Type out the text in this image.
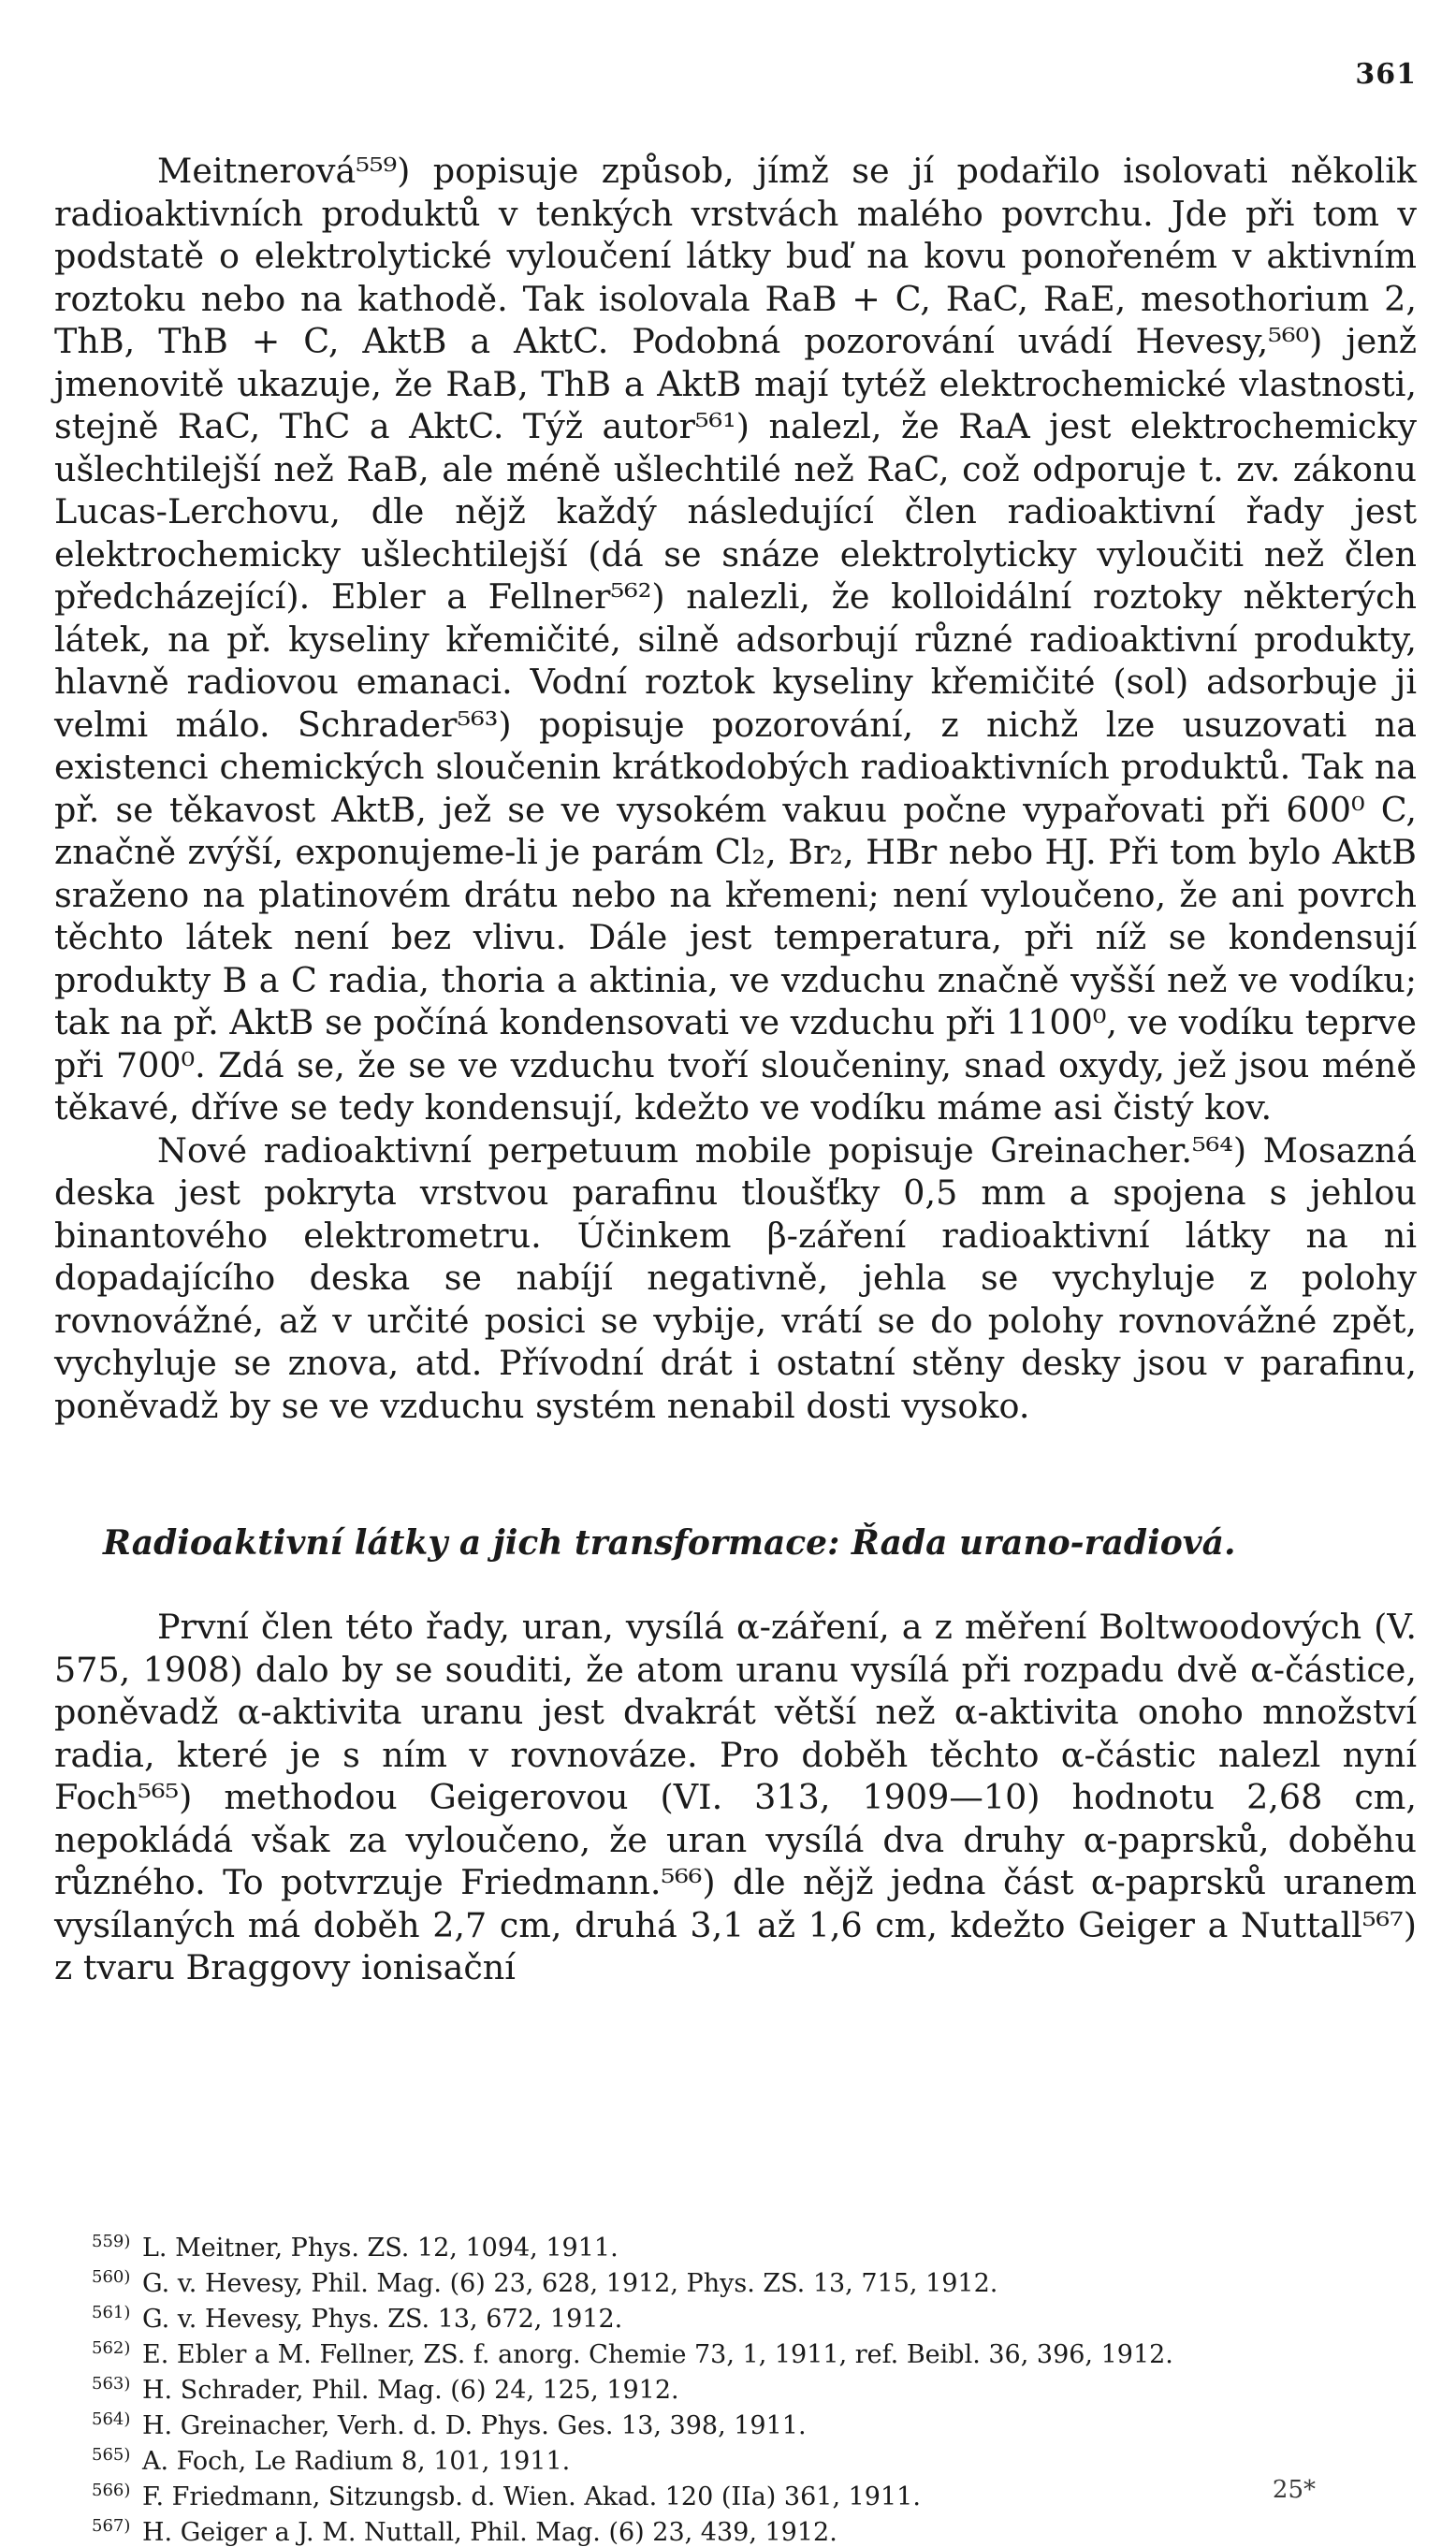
361

Meitnerová⁵⁵⁹) popisuje způsob, jímž se jí podařilo isolovati několik radioaktivních produktů v tenkých vrstvách malého povrchu. Jde při tom v podstatě o elektrolytické vyloučení látky buď na kovu ponořeném v aktivním roztoku nebo na kathodě. Tak isolovala RaB + C, RaC, RaE, mesothorium 2, ThB, ThB + C, AktB a AktC. Podobná pozorování uvádí Hevesy,⁵⁶⁰) jenž jmenovitě ukazuje, že RaB, ThB a AktB mají tytéž elektrochemické vlastnosti, stejně RaC, ThC a AktC. Týž autor⁵⁶¹) nalezl, že RaA jest elektrochemicky ušlechtilejší než RaB, ale méně ušlechtilé než RaC, což odporuje t. zv. zákonu Lucas-Lerchovu, dle nějž každý následující člen radioaktivní řady jest elektrochemicky ušlechtilejší (dá se snáze elektrolyticky vyloučiti než člen předcházející). Ebler a Fellner⁵⁶²) nalezli, že kolloidální roztoky některých látek, na př. kyseliny křemičité, silně adsorbují různé radioaktivní produkty, hlavně radiovou emanaci. Vodní roztok kyseliny křemičité (sol) adsorbuje ji velmi málo. Schrader⁵⁶³) popisuje pozorování, z nichž lze usuzovati na existenci chemických sloučenin krátkodobých radioaktivních produktů. Tak na př. se těkavost AktB, jež se ve vysokém vakuu počne vypařovati při 600⁰ C, značně zvýší, exponujeme-li je parám Cl₂, Br₂, HBr nebo HJ. Při tom bylo AktB sraženo na platinovém drátu nebo na křemeni; není vyloučeno, že ani povrch těchto látek není bez vlivu. Dále jest temperatura, při níž se kondensují produkty B a C radia, thoria a aktinia, ve vzduchu značně vyšší než ve vodíku; tak na př. AktB se počíná kondensovati ve vzduchu při 1100⁰, ve vodíku teprve při 700⁰. Zdá se, že se ve vzduchu tvoří sloučeniny, snad oxydy, jež jsou méně těkavé, dříve se tedy kondensují, kdežto ve vodíku máme asi čistý kov.

Nové radioaktivní perpetuum mobile popisuje Greinacher.⁵⁶⁴) Mosazná deska jest pokryta vrstvou parafinu tloušťky 0,5 mm a spojena s jehlou binantového elektrometru. Účinkem β-záření radioaktivní látky na ni dopadajícího deska se nabíjí negativně, jehla se vychyluje z polohy rovnovážné, až v určité posici se vybije, vrátí se do polohy rovnovážné zpět, vychyluje se znova, atd. Přívodní drát i ostatní stěny desky jsou v parafinu, poněvadž by se ve vzduchu systém nenabil dosti vysoko.

Radioaktivní látky a jich transformace: Řada urano-radiová.

První člen této řady, uran, vysílá α-záření, a z měření Boltwoodových (V. 575, 1908) dalo by se souditi, že atom uranu vysílá při rozpadu dvě α-částice, poněvadž α-aktivita uranu jest dvakrát větší než α-aktivita onoho množství radia, které je s ním v rovnováze. Pro doběh těchto α-částic nalezl nyní Foch⁵⁶⁵) methodou Geigerovou (VI. 313, 1909—10) hodnotu 2,68 cm, nepokládá však za vyloučeno, že uran vysílá dva druhy α-paprsků, doběhu různého. To potvrzuje Friedmann.⁵⁶⁶) dle nějž jedna část α-paprsků uranem vysílaných má doběh 2,7 cm, druhá 3,1 až 1,6 cm, kdežto Geiger a Nuttall⁵⁶⁷) z tvaru Braggovy ionisační

$^{559)}$ L. Meitner, Phys. ZS. 12, 1094, 1911.
$^{560)}$ G. v. Hevesy, Phil. Mag. (6) 23, 628, 1912, Phys. ZS. 13, 715, 1912.
$^{561)}$ G. v. Hevesy, Phys. ZS. 13, 672, 1912.
$^{562)}$ E. Ebler a M. Fellner, ZS. f. anorg. Chemie 73, 1, 1911, ref. Beibl. 36, 396, 1912.
$^{563)}$ H. Schrader, Phil. Mag. (6) 24, 125, 1912.
$^{564)}$ H. Greinacher, Verh. d. D. Phys. Ges. 13, 398, 1911.
$^{565)}$ A. Foch, Le Radium 8, 101, 1911.
$^{566)}$ F. Friedmann, Sitzungsb. d. Wien. Akad. 120 (IIa) 361, 1911.
$^{567)}$ H. Geiger a J. M. Nuttall, Phil. Mag. (6) 23, 439, 1912.
25*
